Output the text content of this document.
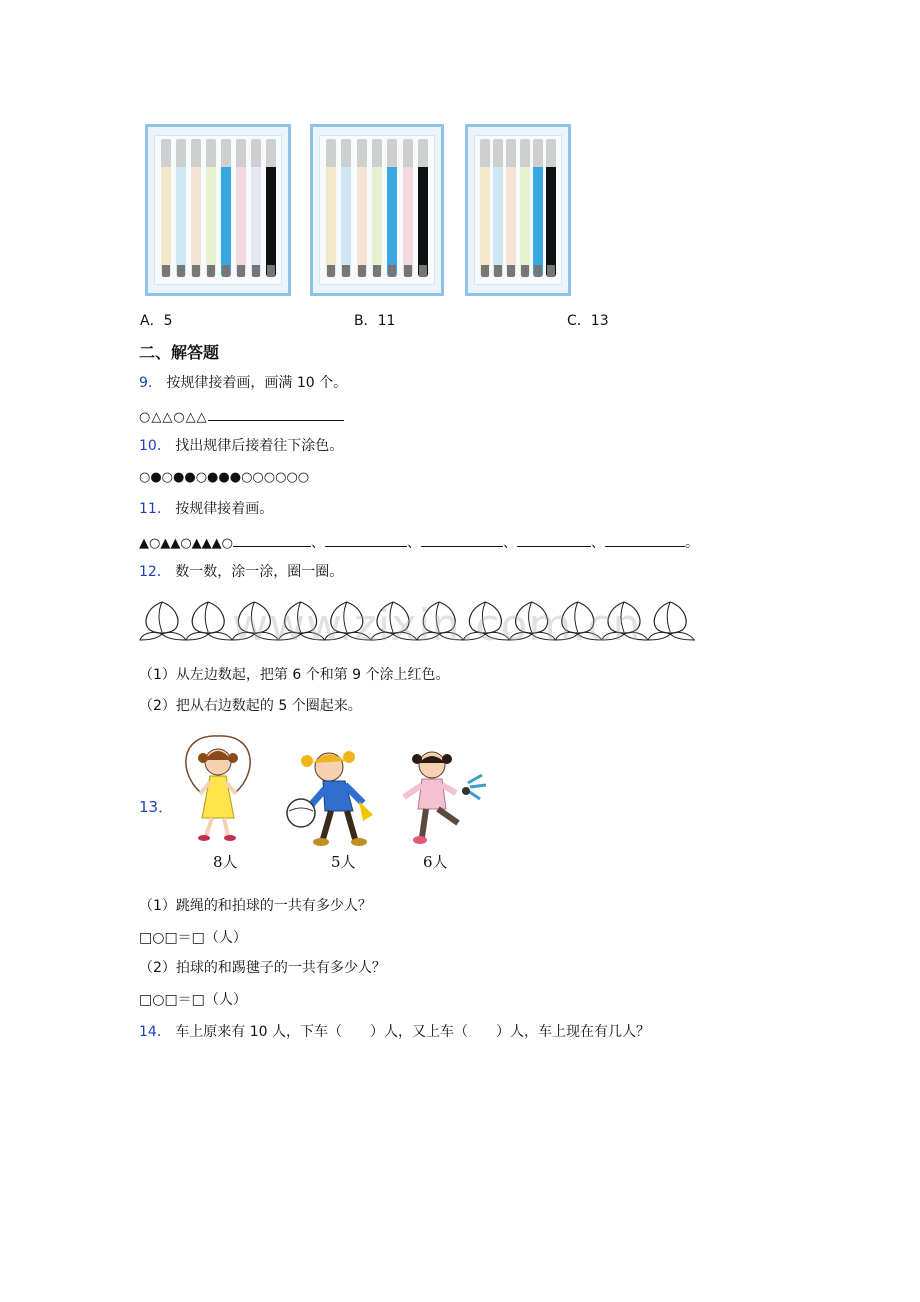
A．5	B．11	C．13
二、解答题
9． 按规律接着画，画满 10 个。
○△△○△△
10． 找出规律后接着往下涂色。
○●○●●○●●●○○○○○○
11． 按规律接着画。
▲○▲▲○▲▲▲○	、	、	、	、	。
12． 数一数，涂一涂，圈一圈。
www.zixin.com.cn
（1）从左边数起，把第 6 个和第 9 个涂上红色。
（2）把从右边数起的 5 个圈起来。
13．
8人	5人	6人
（1）跳绳的和拍球的一共有多少人？
□○□＝□（人）
（2）拍球的和踢毽子的一共有多少人？
□○□＝□（人）
14． 车上原来有 10 人，下车（　　）人，又上车（　　）人，车上现在有几人？
